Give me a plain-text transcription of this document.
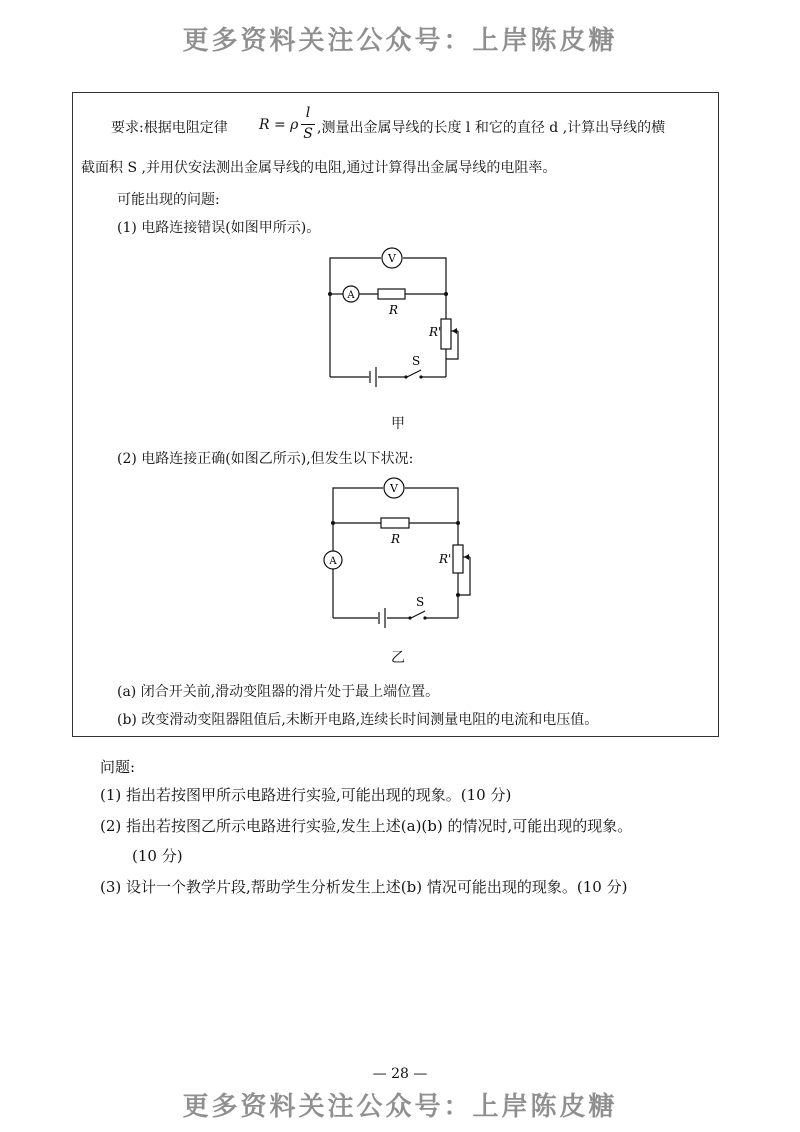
更多资料关注公众号：上岸陈皮糖
要求:根据电阻定律 R = ρ
l
S ,测量出金属导线的长度 l 和它的直径 d ,计算出导线的横
截面积 S ,并用伏安法测出金属导线的电阻,通过计算得出金属导线的电阻率。
可能出现的问题:
(1) 电路连接错误(如图甲所示)。
V
A
R
R'
S
甲
(2) 电路连接正确(如图乙所示),但发生以下状况:
V
A
R
R'
S
乙
(a) 闭合开关前,滑动变阻器的滑片处于最上端位置。
(b) 改变滑动变阻器阻值后,未断开电路,连续长时间测量电阻的电流和电压值。
问题:
(1) 指出若按图甲所示电路进行实验,可能出现的现象。(10 分)
(2) 指出若按图乙所示电路进行实验,发生上述(a)(b) 的情况时,可能出现的现象。
(10 分)
(3) 设计一个教学片段,帮助学生分析发生上述(b) 情况可能出现的现象。(10 分)
— 28 —
更多资料关注公众号：上岸陈皮糖
